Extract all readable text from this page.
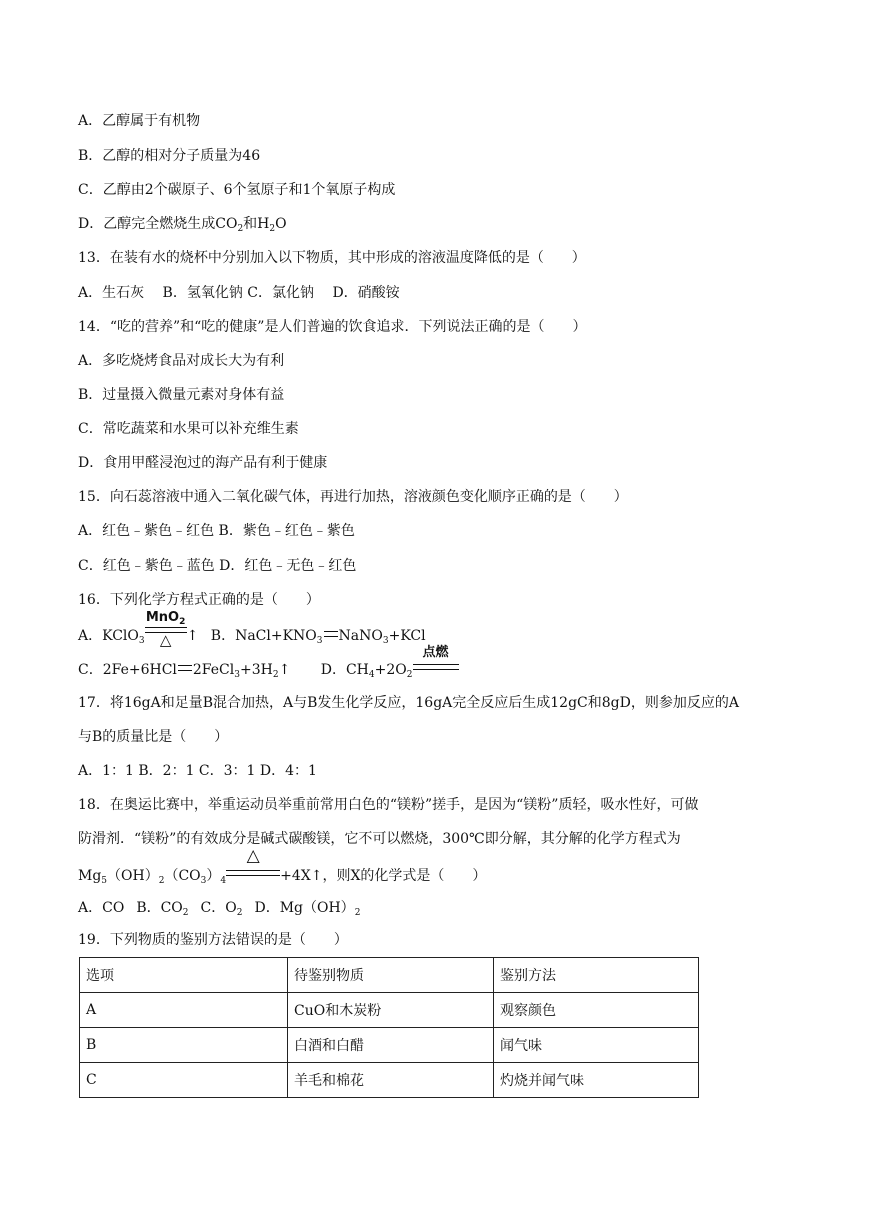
A．乙醇属于有机物
B．乙醇的相对分子质量为46
C．乙醇由2个碳原子、6个氢原子和1个氧原子构成
D．乙醇完全燃烧生成$CO_2$和$H_2O$
13．在装有水的烧杯中分别加入以下物质，其中形成的溶液温度降低的是（　　）
A．生石灰　 B．氢氧化钠 C．氯化钠　 D．硝酸铵
14．“吃的营养”和“吃的健康”是人们普遍的饮食追求．下列说法正确的是（　　）
A．多吃烧烤食品对成长大为有利
B．过量摄入微量元素对身体有益
C．常吃蔬菜和水果可以补充维生素
D．食用甲醛浸泡过的海产品有利于健康
15．向石蕊溶液中通入二氧化碳气体，再进行加热，溶液颜色变化顺序正确的是（　　）
A．红色﹣紫色﹣红色 B．紫色﹣红色﹣紫色
C．红色﹣紫色﹣蓝色 D．红色﹣无色﹣红色
16．下列化学方程式正确的是（　　）
A．KClO$_3$
MnO$_2$
△	↑ B．$NaCl+KNO_3$ NaNO$_3$+KCl
C．2Fe+6HCl $2FeCl_3+3H_2↑$ D．$CH_4+2O_2$
点燃
17．将16gA和足量B混合加热，A与B发生化学反应，16gA完全反应后生成12gC和8gD，则参加反应的A
与B的质量比是（　　）
A．1：1 B．2：1 C．3：1 D．4：1
18．在奥运比赛中，举重运动员举重前常用白色的“镁粉”搓手，是因为“镁粉”质轻，吸水性好，可做
防滑剂．“镁粉”的有效成分是碱式碳酸镁，它不可以燃烧，300℃即分解，其分解的化学方程式为
$Mg_5(OH)_2(CO_3)_4$
△
+4X↑，则X的化学式是（　　）
A．CO B．$CO_2$ C．$O_2$ D．$Mg(OH)_2$
19．下列物质的鉴别方法错误的是（　　）
选项	待鉴别物质	鉴别方法
A	CuO和木炭粉	观察颜色
B	白酒和白醋	闻气味
C	羊毛和棉花	灼烧并闻气味
